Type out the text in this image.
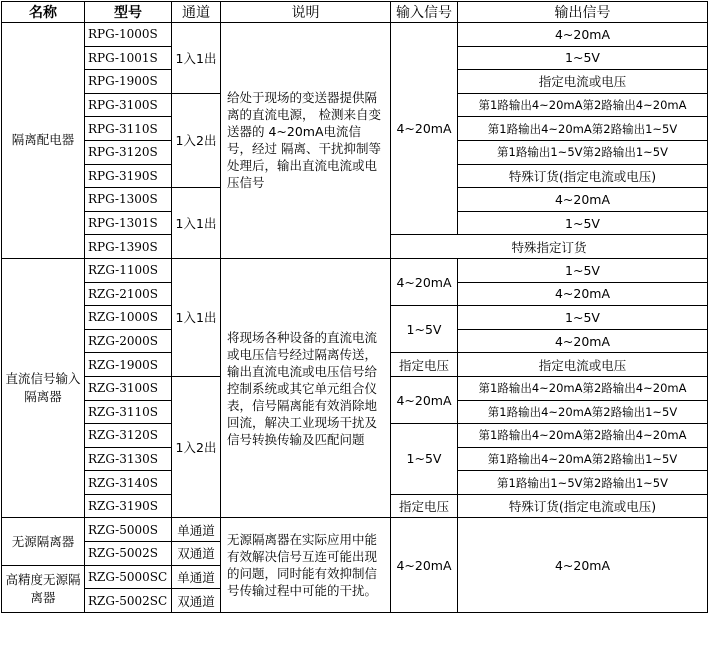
名称	型号	通道	说明	输入信号	输出信号
隔离配电器	RPG-1000S	1入1出	给处于现场的变送器提供隔离的直流电源， 检测来自变送器的 4~20mA电流信号，经过 隔离、干扰抑制等处理后，输出直流电流或电压信号	4~20mA	4~20mA
	RPG-1001S				1~5V
	RPG-1900S				指定电流或电压
	RPG-3100S	1入2出			第1路输出4~20mA第2路输出4~20mA
	RPG-3110S				第1路输出4~20mA第2路输出1~5V
	RPG-3120S				第1路输出1~5V第2路输出1~5V
	RPG-3190S				特殊订货(指定电流或电压)
	RPG-1300S	1入1出			4~20mA
	RPG-1301S				1~5V
	RPG-1390S			特殊指定订货	
直流信号输入隔离器	RZG-1100S	1入1出	将现场各种设备的直流电流或电压信号经过隔离传送，输出直流电流或电压信号给控制系统或其它单元组合仪表，信号隔离能有效消除地回流，解决工业现场干扰及信号转换传输及匹配问题	4~20mA	1~5V
	RZG-2100S				4~20mA
	RZG-1000S			1~5V	1~5V
	RZG-2000S				4~20mA
	RZG-1900S			指定电压	指定电流或电压
	RZG-3100S	1入2出		4~20mA	第1路输出4~20mA第2路输出4~20mA
	RZG-3110S				第1路输出4~20mA第2路输出1~5V
	RZG-3120S			1~5V	第1路输出4~20mA第2路输出4~20mA
	RZG-3130S				第1路输出4~20mA第2路输出1~5V
	RZG-3140S				第1路输出1~5V第2路输出1~5V
	RZG-3190S			指定电压	特殊订货(指定电流或电压)
无源隔离器	RZG-5000S	单通道	无源隔离器在实际应用中能有效解决信号互连可能出现的问题，同时能有效抑制信号传输过程中可能的干扰。	4~20mA	4~20mA
	RZG-5002S	双通道			
高精度无源隔离器	RZG-5000SC	单通道			
	RZG-5002SC	双通道			
